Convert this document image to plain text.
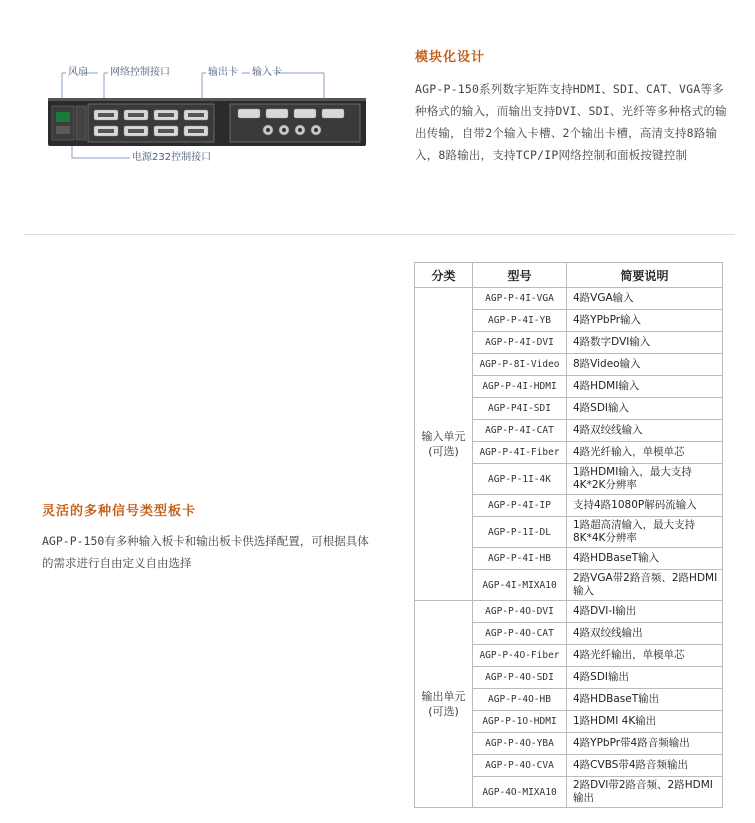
风扇 网络控制接口	输出卡 输入卡
电源232控制接口
模块化设计
AGP-P-150系列数字矩阵支持HDMI、SDI、CAT、VGA等多种格式的输入，而输出支持DVI、SDI、光纤等多种格式的输出传输，自带2个输入卡槽、2个输出卡槽，高清支持8路输入，8路输出，支持TCP/IP网络控制和面板按键控制
灵活的多种信号类型板卡
AGP-P-150有多种输入板卡和输出板卡供选择配置，可根据具体的需求进行自由定义自由选择
分类	型号	简要说明
输入单元
(可选)	AGP-P-4I-VGA	4路VGA输入
	AGP-P-4I-YB	4路YPbPr输入
	AGP-P-4I-DVI	4路数字DVI输入
	AGP-P-8I-Video	8路Video输入
	AGP-P-4I-HDMI	4路HDMI输入
	AGP-P4I-SDI	4路SDI输入
	AGP-P-4I-CAT	4路双绞线输入
	AGP-P-4I-Fiber	4路光纤输入，单模单芯
	AGP-P-1I-4K	1路HDMI输入，最大支持4K*2K分辨率
	AGP-P-4I-IP	支持4路1080P解码流输入
	AGP-P-1I-DL	1路超高清输入，最大支持8K*4K分辨率
	AGP-P-4I-HB	4路HDBaseT输入
	AGP-4I-MIXA10	2路VGA带2路音频、2路HDMI输入
输出单元
(可选)	AGP-P-4O-DVI	4路DVI-I输出
	AGP-P-4O-CAT	4路双绞线输出
	AGP-P-4O-Fiber	4路光纤输出，单模单芯
	AGP-P-4O-SDI	4路SDI输出
	AGP-P-4O-HB	4路HDBaseT输出
	AGP-P-1O-HDMI	1路HDMI 4K输出
	AGP-P-4O-YBA	4路YPbPr带4路音频输出
	AGP-P-4O-CVA	4路CVBS带4路音频输出
	AGP-4O-MIXA10	2路DVI带2路音频、2路HDMI输出
